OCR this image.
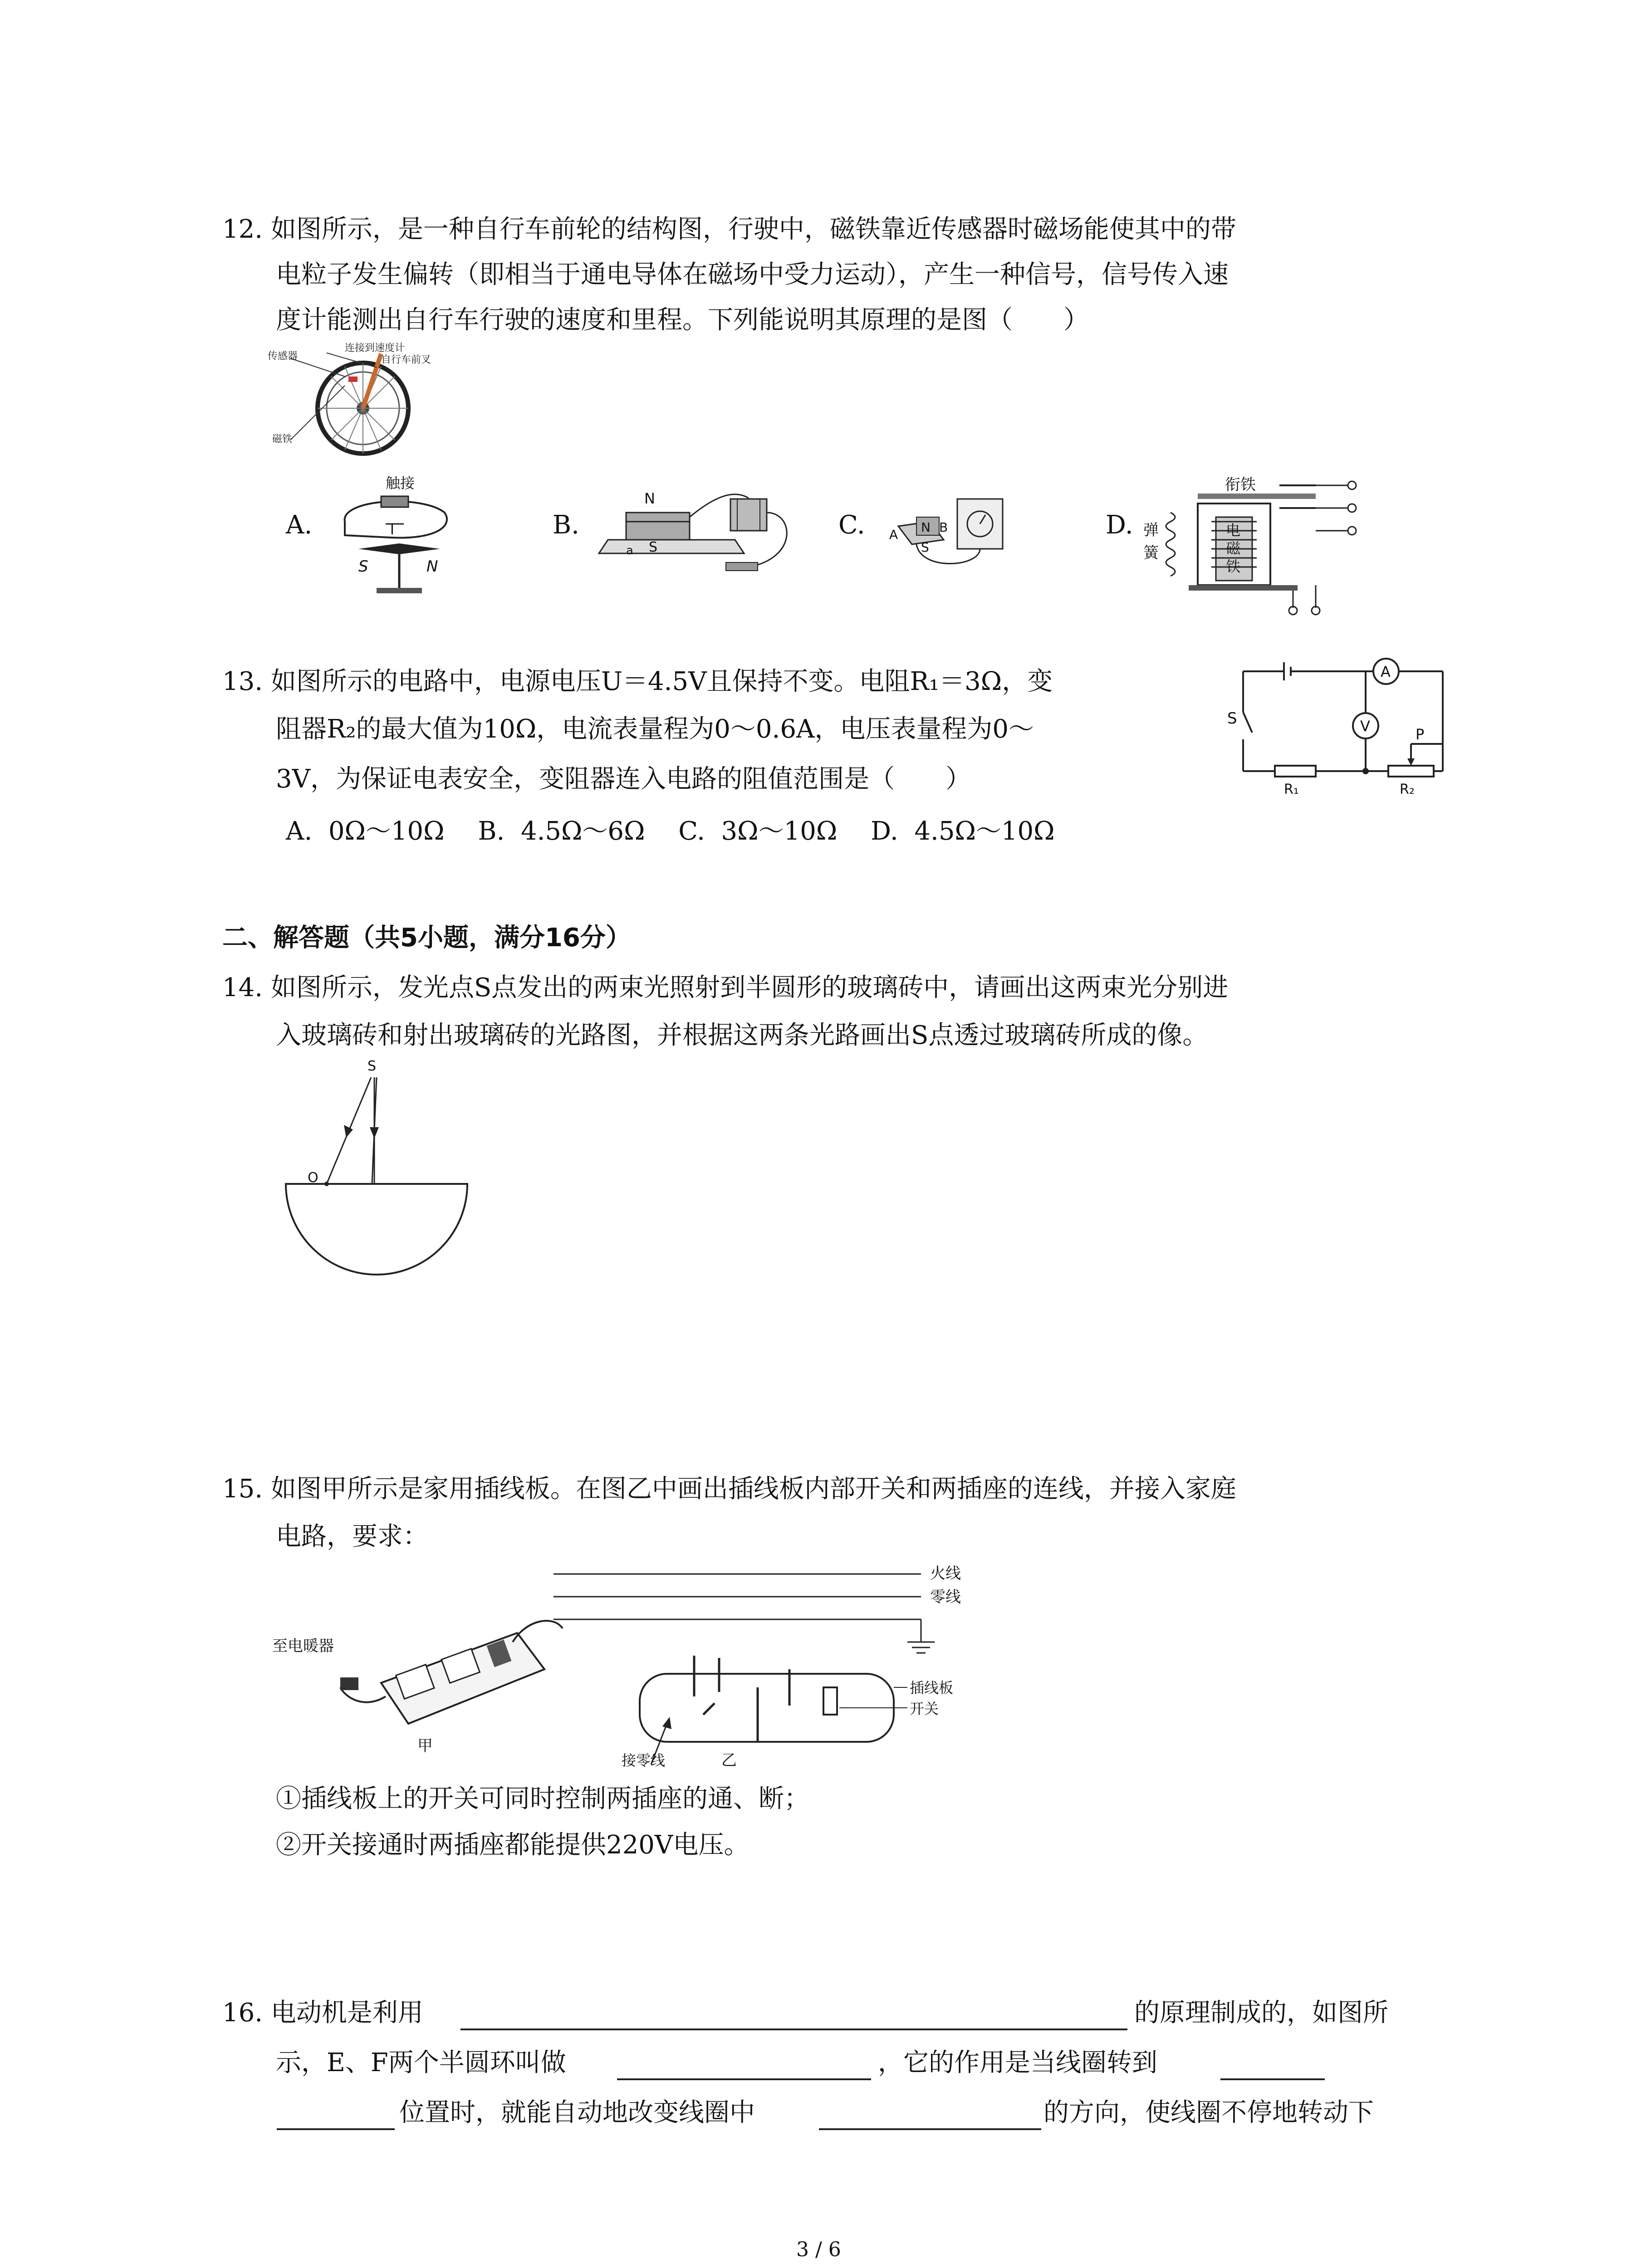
12. 如图所示，是一种自行车前轮的结构图，行驶中，磁铁靠近传感器时磁场能使其中的带
电粒子发生偏转（即相当于通电导体在磁场中受力运动），产生一种信号，信号传入速
度计能测出自行车行驶的速度和里程。下列能说明其原理的是图（　　）
传感器
连接到速度计
自行车前叉
磁铁
A.	B.	C.	D.
触接
I
S	N
N
a S
A N B
S
衔铁
弹
簧
电
磁
铁
13. 如图所示的电路中，电源电压U＝4.5V且保持不变。电阻R₁＝3Ω，变
阻器R₂的最大值为10Ω，电流表量程为0～0.6A，电压表量程为0～
3V，为保证电表安全，变阻器连入电路的阻值范围是（　　）
A.  0Ω～10Ω　 B.  4.5Ω～6Ω　 C.  3Ω～10Ω　 D.  4.5Ω～10Ω
S	V
A
P
R₁	R₂
二、解答题（共5小题，满分16分）
14. 如图所示，发光点S点发出的两束光照射到半圆形的玻璃砖中，请画出这两束光分别进
入玻璃砖和射出玻璃砖的光路图，并根据这两条光路画出S点透过玻璃砖所成的像。
S
O
15. 如图甲所示是家用插线板。在图乙中画出插线板内部开关和两插座的连线，并接入家庭
电路，要求：
火线
零线
至电暖器
甲
插线板
开关
接零线	乙
①插线板上的开关可同时控制两插座的通、断；
②开关接通时两插座都能提供220V电压。
16. 电动机是利用	的原理制成的，如图所
示，E、F两个半圆环叫做	，它的作用是当线圈转到
位置时，就能自动地改变线圈中	的方向，使线圈不停地转动下
3 / 6
